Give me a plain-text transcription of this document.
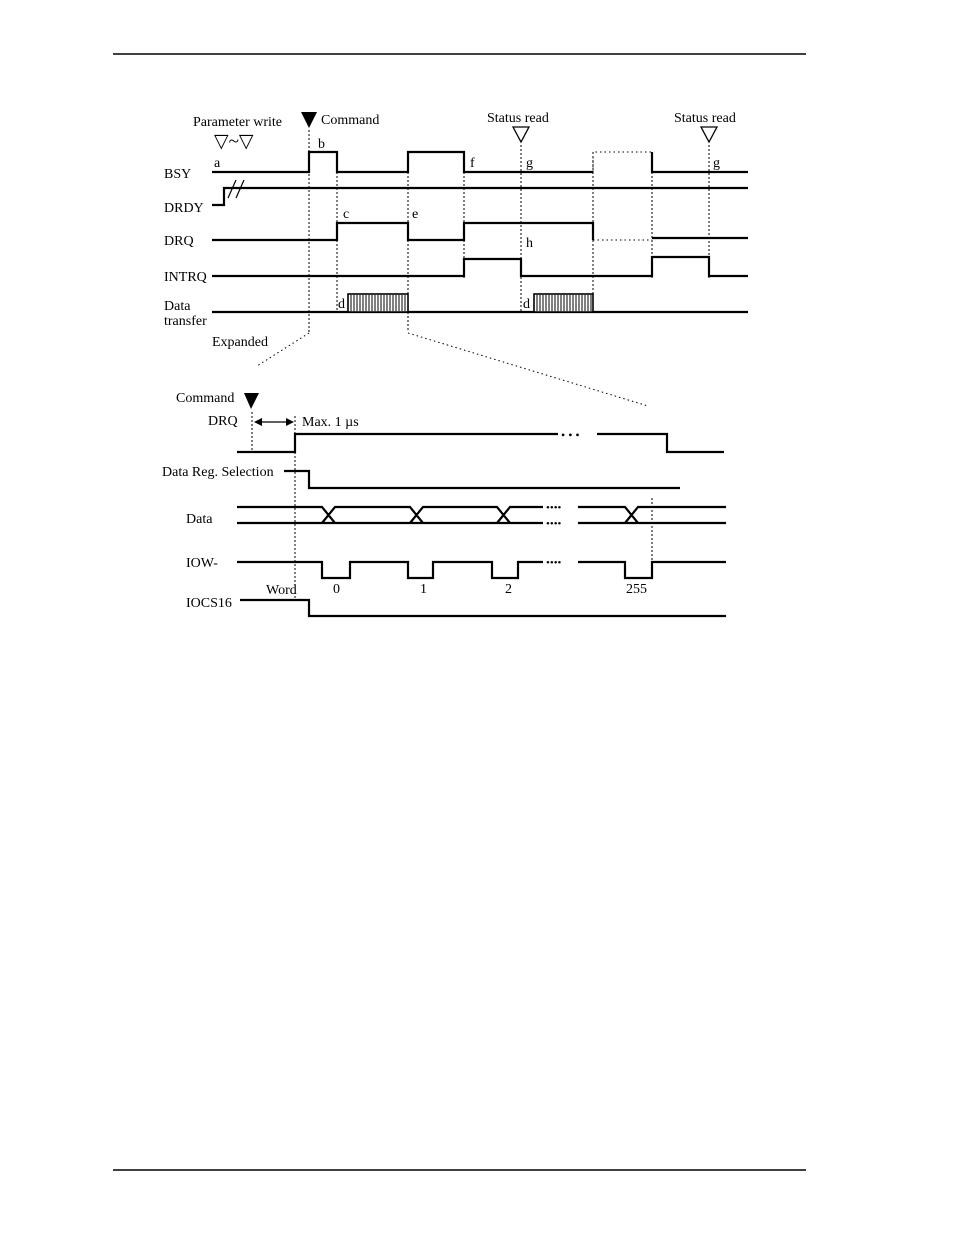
Parameter write
▽~▽
Command	Status read	Status read
BSY
DRDY
DRQ
INTRQ
Data
transfer
a
b
f	g	g
c	e
h
d	d
Expanded
Command
DRQ
Data Reg. Selection
Data
IOW-
IOCS16
Word
Max. 1 µs
• • •
••••
••••
••••
0	1	2	255
